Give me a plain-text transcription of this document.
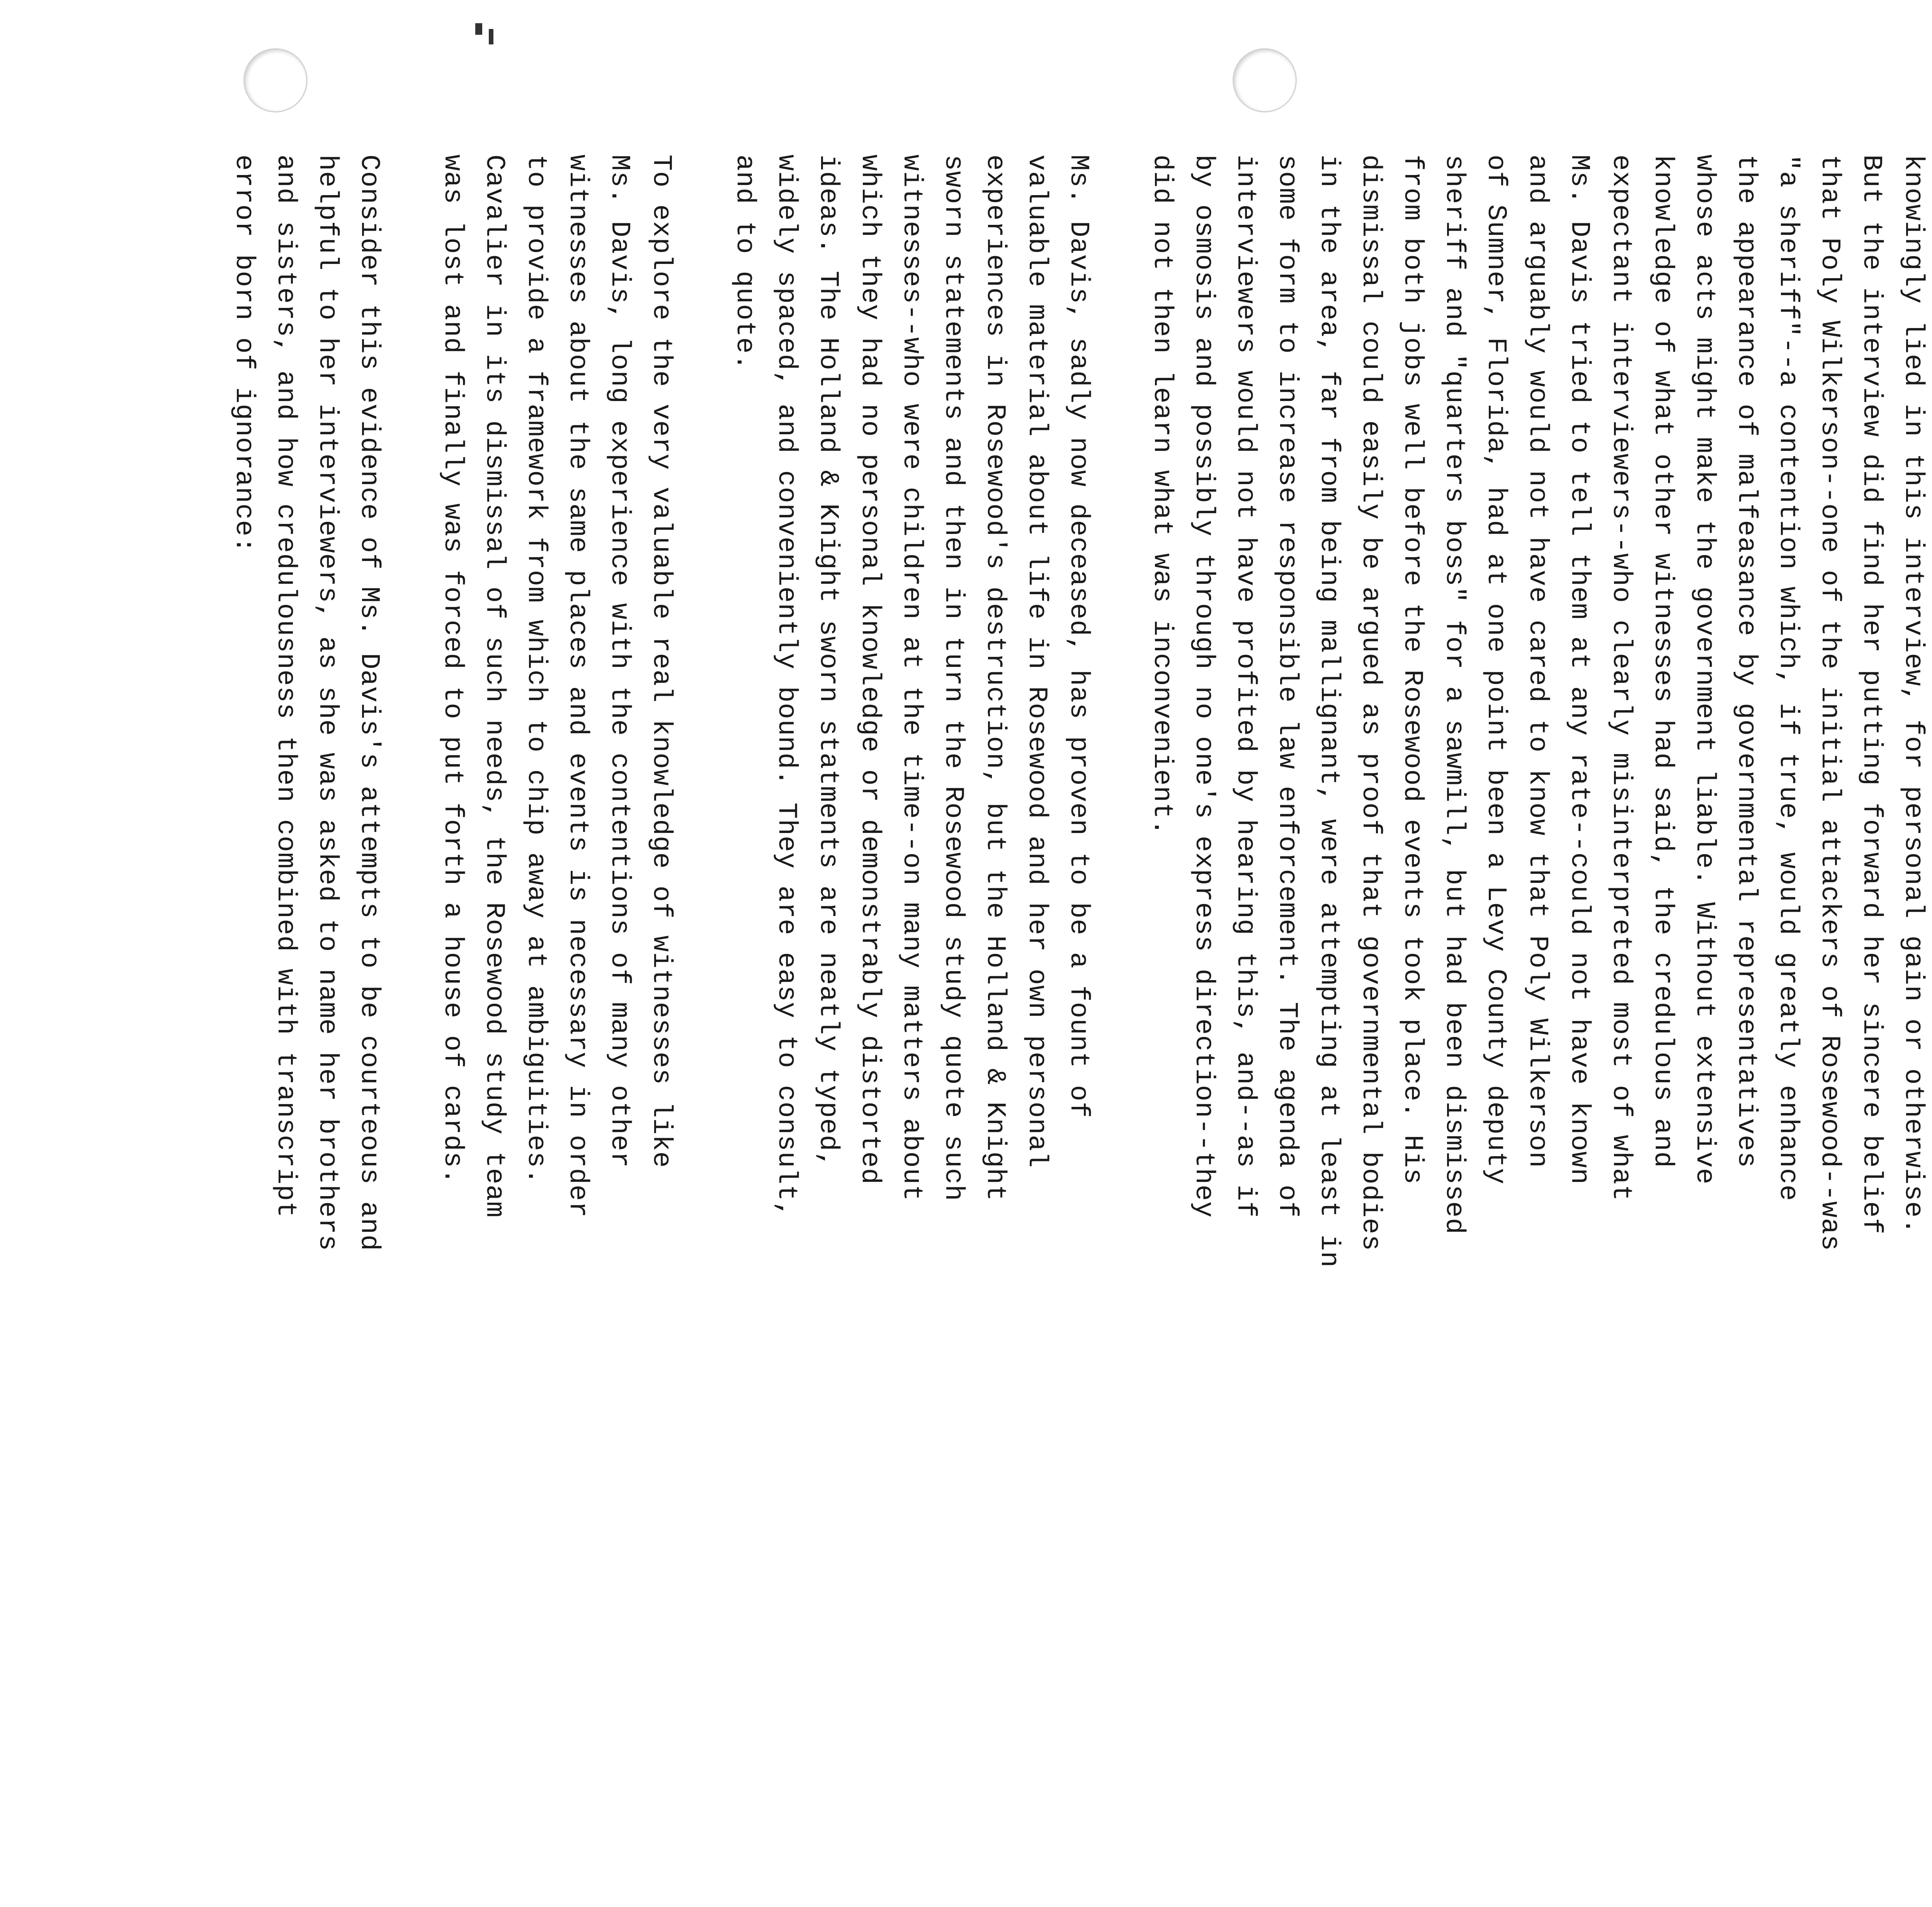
knowingly lied in this interview, for personal gain or otherwise.
But the interview did find her putting forward her sincere belief
that Poly Wilkerson--one of the initial attackers of Rosewood--was
"a sheriff"--a contention which, if true, would greatly enhance
the appearance of malfeasance by governmental representatives
whose acts might make the government liable. Without extensive
knowledge of what other witnesses had said, the credulous and
expectant interviewers--who clearly misinterpreted most of what
Ms. Davis tried to tell them at any rate--could not have known
and arguably would not have cared to know that Poly Wilkerson
of Sumner, Florida, had at one point been a Levy County deputy
sheriff and "quarters boss" for a sawmill, but had been dismissed
from both jobs well before the Rosewood events took place. His
dismissal could easily be argued as proof that governmental bodies
in the area, far from being mallignant, were attempting at least in
some form to increase responsible law enforcement. The agenda of
interviewers would not have profited by hearing this, and--as if
by osmosis and possibly through no one's express direction--they
did not then learn what was inconvenient.

Ms. Davis, sadly now deceased, has proven to be a fount of
valuable material about life in Rosewood and her own personal
experiences in Rosewood's destruction, but the Holland & Knight
sworn statements and then in turn the Rosewood study quote such
witnesses--who were children at the time--on many matters about
which they had no personal knowledge or demonstrably distorted
ideas. The Holland & Knight sworn statments are neatly typed,
widely spaced, and conveniently bound. They are easy to consult,
and to quote.

To explore the very valuable real knowledge of witnesses like
Ms. Davis, long experience with the contentions of many other
witnesses about the same places and events is necessary in order
to provide a framework from which to chip away at ambiguities.
Cavalier in its dismissal of such needs, the Rosewood study team
was lost and finally was forced to put forth a house of cards.

Consider this evidence of Ms. Davis's attempts to be courteous and
helpful to her interviewers, as she was asked to name her brothers
and sisters, and how credulousness then combined with transcript
error born of ignorance:
